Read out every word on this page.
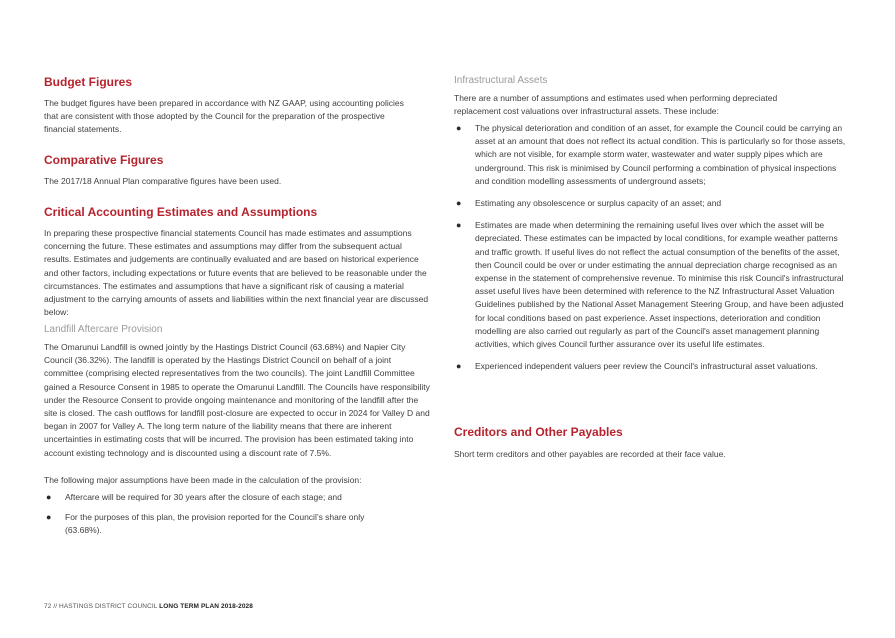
Budget Figures

The budget figures have been prepared in accordance with NZ GAAP, using accounting policies that are consistent with those adopted by the Council for the preparation of the prospective financial statements.

Comparative Figures

The 2017/18 Annual Plan comparative figures have been used.

Critical Accounting Estimates and Assumptions

In preparing these prospective financial statements Council has made estimates and assumptions concerning the future. These estimates and assumptions may differ from the subsequent actual results. Estimates and judgements are continually evaluated and are based on historical experience and other factors, including expectations or future events that are believed to be reasonable under the circumstances. The estimates and assumptions that have a significant risk of causing a material adjustment to the carrying amounts of assets and liabilities within the next financial year are discussed below:

Landfill Aftercare Provision

The Omarunui Landfill is owned jointly by the Hastings District Council (63.68%) and Napier City Council (36.32%). The landfill is operated by the Hastings District Council on behalf of a joint committee (comprising elected representatives from the two councils). The joint Landfill Committee gained a Resource Consent in 1985 to operate the Omarunui Landfill. The Councils have responsibility under the Resource Consent to provide ongoing maintenance and monitoring of the landfill after the site is closed. The cash outflows for landfill post-closure are expected to occur in 2024 for Valley D and began in 2007 for Valley A. The long term nature of the liability means that there are inherent uncertainties in estimating costs that will be incurred. The provision has been estimated taking into account existing technology and is discounted using a discount rate of 7.5%.

The following major assumptions have been made in the calculation of the provision:

● Aftercare will be required for 30 years after the closure of each stage; and
● For the purposes of this plan, the provision reported for the Council’s share only (63.68%).
Infrastructural Assets

There are a number of assumptions and estimates used when performing depreciated replacement cost valuations over infrastructural assets. These include:

● The physical deterioration and condition of an asset, for example the Council could be carrying an asset at an amount that does not reflect its actual condition. This is particularly so for those assets, which are not visible, for example storm water, wastewater and water supply pipes which are underground. This risk is minimised by Council performing a combination of physical inspections and condition modelling assessments of underground assets;
● Estimating any obsolescence or surplus capacity of an asset; and
● Estimates are made when determining the remaining useful lives over which the asset will be depreciated. These estimates can be impacted by local conditions, for example weather patterns and traffic growth. If useful lives do not reflect the actual consumption of the benefits of the asset, then Council could be over or under estimating the annual depreciation charge recognised as an expense in the statement of comprehensive revenue. To minimise this risk Council's infrastructural asset useful lives have been determined with reference to the NZ Infrastructural Asset Valuation Guidelines published by the National Asset Management Steering Group, and have been adjusted for local conditions based on past experience. Asset inspections, deterioration and condition modelling are also carried out regularly as part of the Council's asset management planning activities, which gives Council further assurance over its useful life estimates.
● Experienced independent valuers peer review the Council's infrastructural asset valuations.
Creditors and Other Payables

Short term creditors and other payables are recorded at their face value.

72 // HASTINGS DISTRICT COUNCIL LONG TERM PLAN 2018-2028
